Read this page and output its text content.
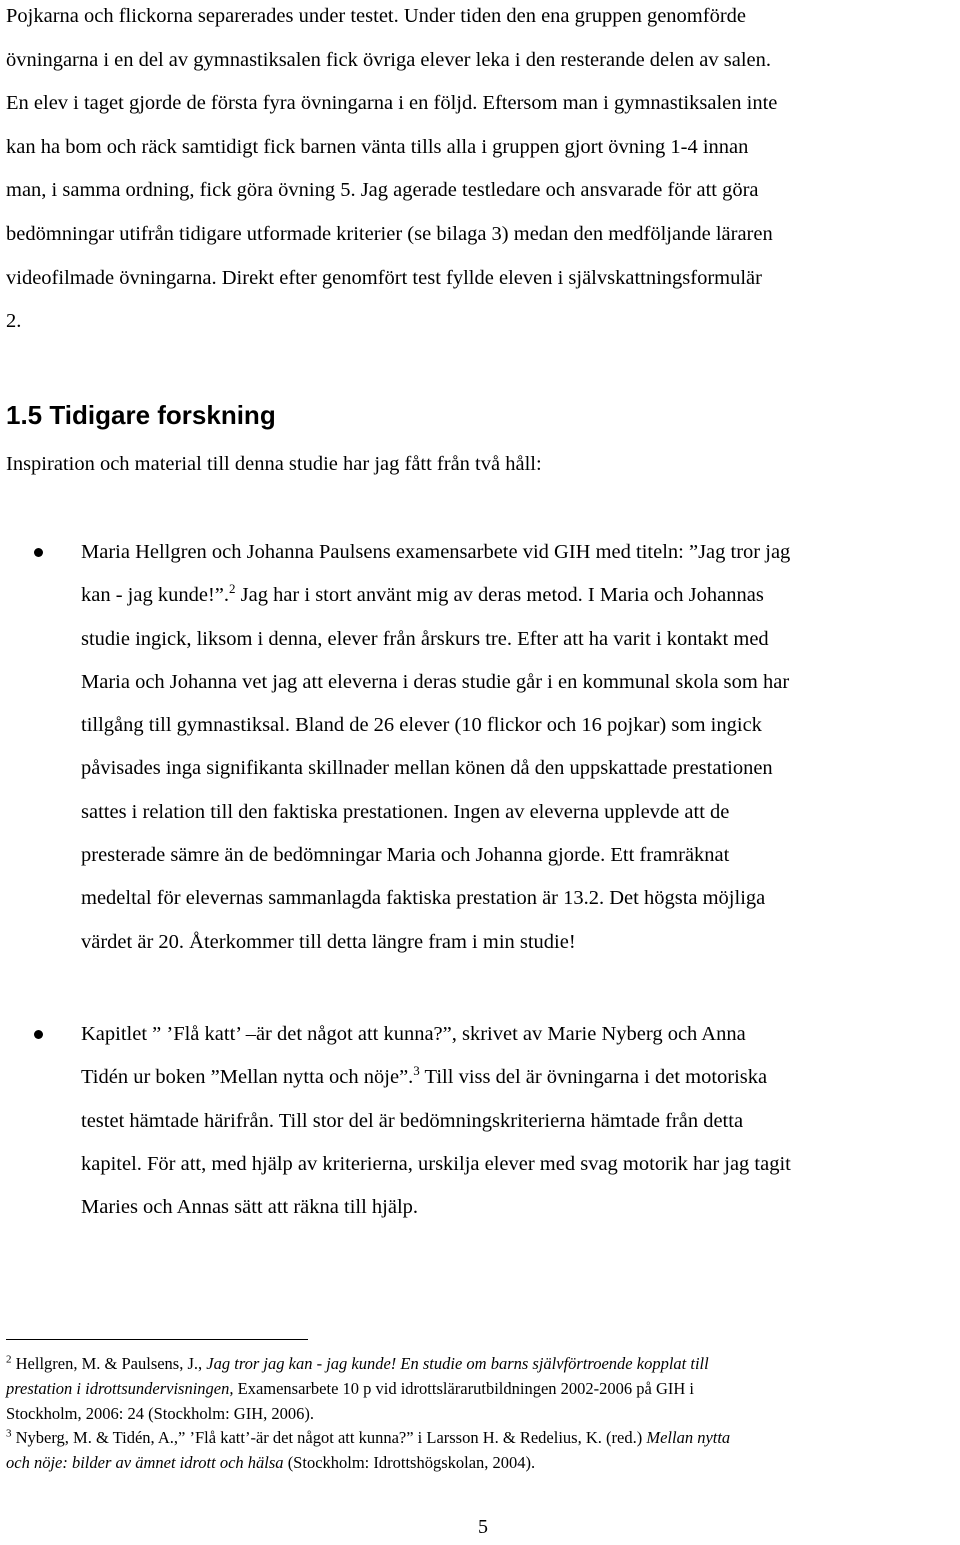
Pojkarna och flickorna separerades under testet. Under tiden den ena gruppen genomförde
övningarna i en del av gymnastiksalen fick övriga elever leka i den resterande delen av salen.
En elev i taget gjorde de första fyra övningarna i en följd. Eftersom man i gymnastiksalen inte
kan ha bom och räck samtidigt fick barnen vänta tills alla i gruppen gjort övning 1-4 innan
man, i samma ordning, fick göra övning 5. Jag agerade testledare och ansvarade för att göra
bedömningar utifrån tidigare utformade kriterier (se bilaga 3) medan den medföljande läraren
videofilmade övningarna. Direkt efter genomfört test fyllde eleven i självskattningsformulär
2.

1.5 Tidigare forskning

Inspiration och material till denna studie har jag fått från två håll:

Maria Hellgren och Johanna Paulsens examensarbete vid GIH med titeln: ”Jag tror jag
kan - jag kunde!”.$^2$ Jag har i stort använt mig av deras metod. I Maria och Johannas
studie ingick, liksom i denna, elever från årskurs tre. Efter att ha varit i kontakt med
Maria och Johanna vet jag att eleverna i deras studie går i en kommunal skola som har
tillgång till gymnastiksal. Bland de 26 elever (10 flickor och 16 pojkar) som ingick
påvisades inga signifikanta skillnader mellan könen då den uppskattade prestationen
sattes i relation till den faktiska prestationen. Ingen av eleverna upplevde att de
presterade sämre än de bedömningar Maria och Johanna gjorde. Ett framräknat
medeltal för elevernas sammanlagda faktiska prestation är 13.2. Det högsta möjliga
värdet är 20. Återkommer till detta längre fram i min studie!

Kapitlet ” ’Flå katt’ –är det något att kunna?”, skrivet av Marie Nyberg och Anna
Tidén ur boken ”Mellan nytta och nöje”.$^3$ Till viss del är övningarna i det motoriska
testet hämtade härifrån. Till stor del är bedömningskriterierna hämtade från detta
kapitel. För att, med hjälp av kriterierna, urskilja elever med svag motorik har jag tagit
Maries och Annas sätt att räkna till hjälp.

$^2$ Hellgren, M. & Paulsens, J., Jag tror jag kan - jag kunde! En studie om barns självförtroende kopplat till
prestation i idrottsundervisningen, Examensarbete 10 p vid idrottslärarutbildningen 2002-2006 på GIH i
Stockholm, 2006: 24 (Stockholm: GIH, 2006).
$^3$ Nyberg, M. & Tidén, A.,” ’Flå katt’-är det något att kunna?” i Larsson H. & Redelius, K. (red.) Mellan nytta
och nöje: bilder av ämnet idrott och hälsa (Stockholm: Idrottshögskolan, 2004).
5
